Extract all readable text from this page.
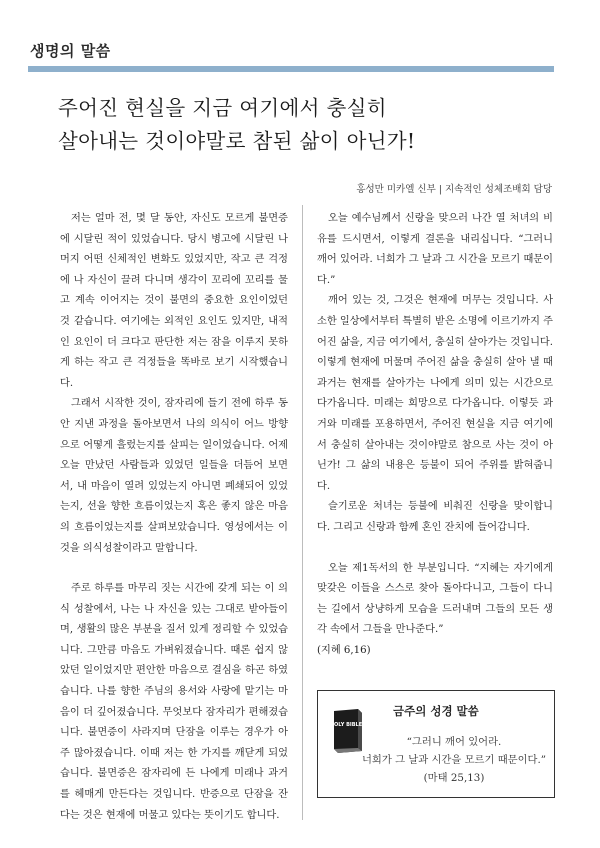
생명의 말씀
주어진 현실을 지금 여기에서 충실히
살아내는 것이야말로 참된 삶이 아닌가!
홍성만 미카엘 신부 | 지속적인 성체조배회 담당

저는 얼마 전, 몇 달 동안, 자신도 모르게 불면증에 시달린 적이 있었습니다. 당시 병고에 시달린 나머지 어떤 신체적인 변화도 있었지만, 작고 큰 걱정에 나 자신이 끌려 다니며 생각이 꼬리에 꼬리를 물고 계속 이어지는 것이 불면의 중요한 요인이었던 것 같습니다. 여기에는 외적인 요인도 있지만, 내적인 요인이 더 크다고 판단한 저는 잠을 이루지 못하게 하는 작고 큰 걱정들을 똑바로 보기 시작했습니다.

그래서 시작한 것이, 잠자리에 들기 전에 하루 동안 지낸 과정을 돌아보면서 나의 의식이 어느 방향으로 어떻게 흘렀는지를 살피는 일이었습니다. 어제오늘 만났던 사람들과 있었던 일들을 더듬어 보면서, 내 마음이 열려 있었는지 아니면 폐쇄되어 있었는지, 선을 향한 흐름이었는지 혹은 좋지 않은 마음의 흐름이었는지를 살펴보았습니다. 영성에서는 이것을 의식성찰이라고 말합니다.

주로 하루를 마무리 짓는 시간에 갖게 되는 이 의식 성찰에서, 나는 나 자신을 있는 그대로 받아들이며, 생활의 많은 부분을 질서 있게 정리할 수 있었습니다. 그만큼 마음도 가벼워졌습니다. 때론 쉽지 않았던 일이었지만 편안한 마음으로 결심을 하곤 하였습니다. 나를 향한 주님의 용서와 사랑에 맡기는 마음이 더 깊어졌습니다. 무엇보다 잠자리가 편해졌습니다. 불면증이 사라지며 단잠을 이루는 경우가 아주 많아졌습니다. 이때 저는 한 가지를 깨닫게 되었습니다. 불면증은 잠자리에 든 나에게 미래나 과거를 헤매게 만든다는 것입니다. 반증으로 단잠을 잔다는 것은 현재에 머물고 있다는 뜻이기도 합니다.

오늘 예수님께서 신랑을 맞으러 나간 열 처녀의 비유를 드시면서, 이렇게 결론을 내리십니다. “그러니 깨어 있어라. 너희가 그 날과 그 시간을 모르기 때문이다.”

깨어 있는 것, 그것은 현재에 머무는 것입니다. 사소한 일상에서부터 특별히 받은 소명에 이르기까지 주어진 삶을, 지금 여기에서, 충실히 살아가는 것입니다. 이렇게 현재에 머물며 주어진 삶을 충실히 살아 낼 때 과거는 현재를 살아가는 나에게 의미 있는 시간으로 다가옵니다. 미래는 희망으로 다가옵니다. 이렇듯 과거와 미래를 포용하면서, 주어진 현실을 지금 여기에서 충실히 살아내는 것이야말로 참으로 사는 것이 아닌가! 그 삶의 내용은 등불이 되어 주위를 밝혀줍니다.

슬기로운 처녀는 등불에 비춰진 신랑을 맞이합니다. 그리고 신랑과 함께 혼인 잔치에 들어갑니다.

오늘 제1독서의 한 부분입니다. “지혜는 자기에게 맞갖은 이들을 스스로 찾아 돌아다니고, 그들이 다니는 길에서 상냥하게 모습을 드러내며 그들의 모든 생각 속에서 그들을 만나준다.”

(지혜 6,16)

HOLY BIBLE
금주의 성경 말씀
“그러니 깨어 있어라.
너희가 그 날과 시간을 모르기 때문이다.”
(마태 25,13)
